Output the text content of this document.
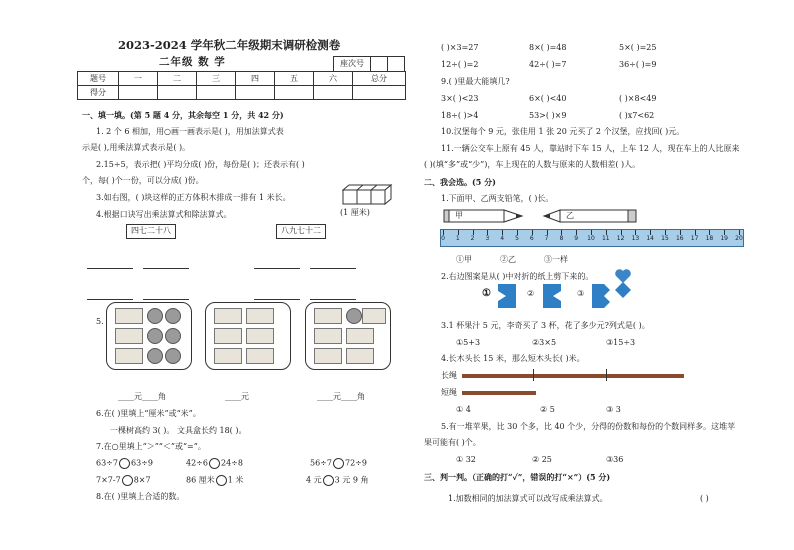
2023-2024 学年秋二年级期末调研检测卷
二年级 数 学	座次号
题号	一	二	三	四	五	六	总分
得分							
一、填一填。(第 5 题 4 分，其余每空 1 分，共 42 分)
1. 2 个 6 相加，用○画一画表示是( )，用加法算式表
示是( ),用乘法算式表示是( )。
2.15÷5，表示把( )平均分成( )份，每份是( )；还表示有( )
个，每( )个一份，可以分成( )份。
3.如右图，( )块这样的正方体积木排成一排有 1 米长。
(1 厘米)
4.根据口诀写出乘法算式和除法算式。
四七二十八	八九七十二
5.
____元____角	____元	____元____角
6.在( )里填上“厘米”或“米”。
一棵树高约 3( )。 文具盒长约 18( )。
7.在○里填上“＞”“＜”或“=”。
63÷7 63÷9	42÷6 24÷8	56÷7 72÷9
7×7-7 8×7	86 厘米 1 米	4 元 3 元 9 角
8.在( )里填上合适的数。
( )×3=27	8×( )=48	5×( )=25
12÷( )=2	42÷( )=7	36÷( )=9
9.( )里最大能填几?
3×( )<23	6×( )<40	( )×8<49
18÷( )>4	53>( )×9	( )x7<62
10.汉堡每个 9 元，张佳用 1 张 20 元买了 2 个汉堡，应找回( )元。
11.一辆公交车上原有 45 人，靠站时下车 15 人，上车 12 人，现在车上的人比原来
( )(填“多”或“少”)，车上现在的人数与原来的人数相差( )人。
二、我会选。(5 分)
1.下面甲、乙两支铅笔，( )长。
甲	乙
0 1 2 3 4 5 6 7 8 9 10 11 12 13 14 15 16 17 18 19 20
①甲	②乙	③一样
2.右边图案是从( )中对折的纸上剪下来的。
①	②	③
3.1 杯果汁 5 元，李奇买了 3 杯，花了多少元?列式是( )。
①5+3	②3×5	③15÷3
4.长木头长 15 米，那么短木头长( )米。
长绳
短绳
① 4	② 5	③ 3
5.有一堆苹果，比 30 个多，比 40 个少，分得的份数和每份的个数同样多。这堆苹
果可能有( )个。
① 32	② 25	③36
三、判一判。（正确的打“✓”，错误的打“×”）(5 分)
1.加数相同的加法算式可以改写成乘法算式。	( )
